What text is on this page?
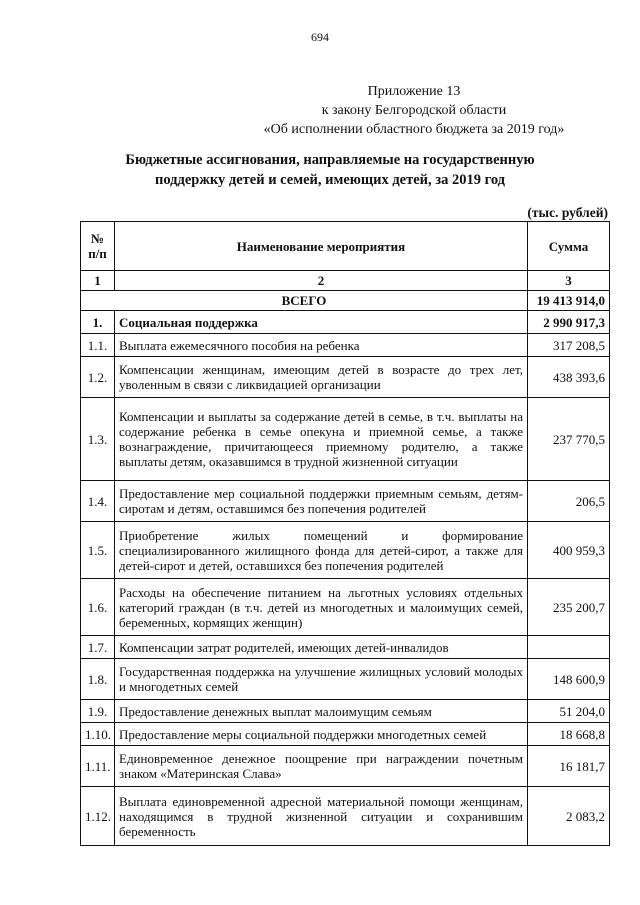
694
Приложение 13
к закону Белгородской области
«Об исполнении областного бюджета за 2019 год»
Бюджетные ассигнования, направляемые на государственную
поддержку детей и семей, имеющих детей, за 2019 год
(тыс. рублей)
№ п/п	Наименование мероприятия	Сумма
1	2	3
ВСЕГО		19 413 914,0
1.	Социальная поддержка	2 990 917,3
1.1.	Выплата ежемесячного пособия на ребенка	317 208,5
1.2.	Компенсации женщинам, имеющим детей в возрасте до трех лет, уволенным в связи с ликвидацией организации	438 393,6
1.3.	Компенсации и выплаты за содержание детей в семье, в т.ч. выплаты на содержание ребенка в семье опекуна и приемной семье, а также вознаграждение, причитающееся приемному родителю, а также выплаты детям, оказавшимся в трудной жизненной ситуации	237 770,5
1.4.	Предоставление мер социальной поддержки приемным семьям, детям-сиротам и детям, оставшимся без попечения родителей	206,5
1.5.	Приобретение жилых помещений и формирование специализированного жилищного фонда для детей-сирот, а также для детей-сирот и детей, оставшихся без попечения родителей	400 959,3
1.6.	Расходы на обеспечение питанием на льготных условиях отдельных категорий граждан (в т.ч. детей из многодетных и малоимущих семей, беременных, кормящих женщин)	235 200,7
1.7.	Компенсации затрат родителей, имеющих детей-инвалидов	
1.8.	Государственная поддержка на улучшение жилищных условий молодых и многодетных семей	148 600,9
1.9.	Предоставление денежных выплат малоимущим семьям	51 204,0
1.10.	Предоставление меры социальной поддержки многодетных семей	18 668,8
1.11.	Единовременное денежное поощрение при награждении почетным знаком «Материнская Слава»	16 181,7
1.12.	Выплата единовременной адресной материальной помощи женщинам, находящимся в трудной жизненной ситуации и сохранившим беременность	2 083,2
